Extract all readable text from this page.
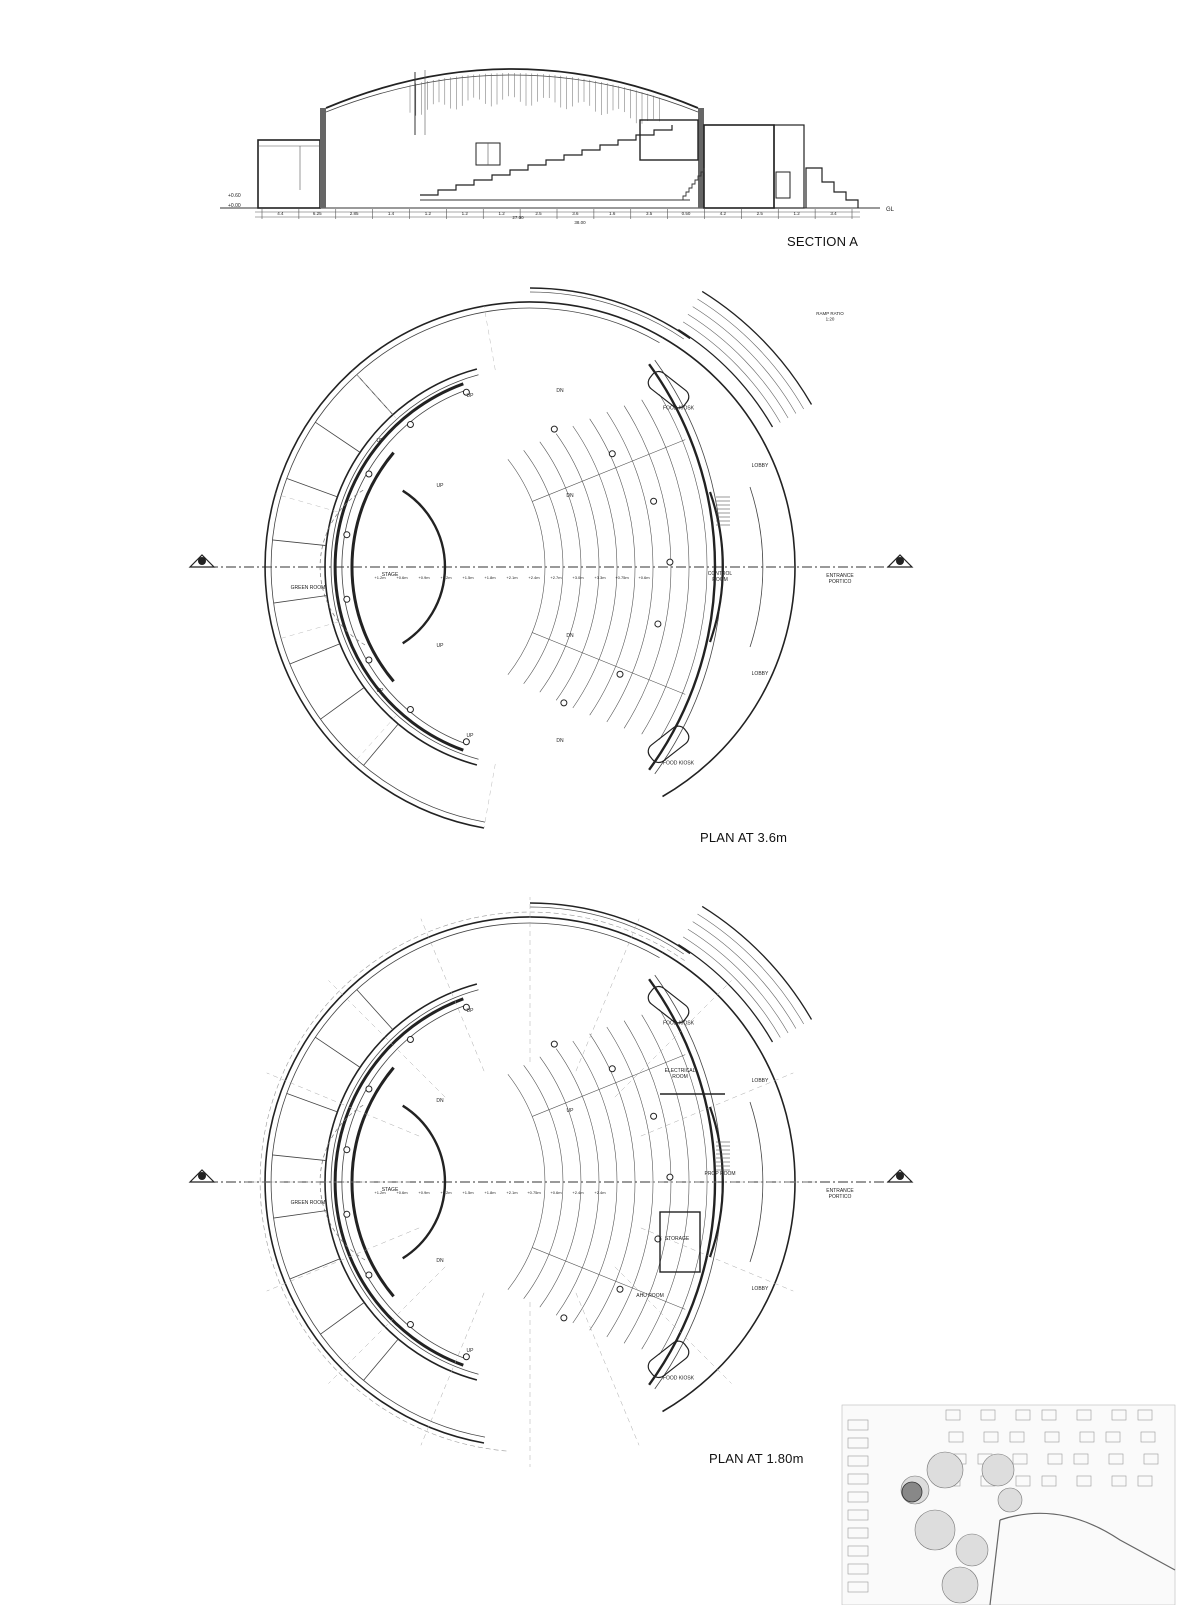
GL
+0.60
+0.00
4.4	6.25	2.85	1.4	1.2	1.2	1.2	2.5	3.6	1.6	3.5	0.50	4.2	2.5	1.2	3.4
38.00
27.00
FOOD KIOSK
FOOD KIOSK
STAGE
GREEN ROOM
LOBBY
LOBBY
ENTRANCE PORTICO
CONTROL ROOM
RAMP RATIO 1:20
UP
UP
UP
UP
DN
DN
DN
DN
UP
UP
+1.2m	+0.6m	+0.9m	+1.2m	+1.5m	+1.8m	+2.1m	+2.4m	+2.7m	+3.0m	+3.3m +0.75m +0.6m
FOOD KIOSK
FOOD KIOSK
STAGE
GREEN ROOM
LOBBY
LOBBY
ENTRANCE PORTICO
ELECTRICAL ROOM
PROP ROOM
STORAGE
AHU ROOM
UP
UP
DN
DN
UP
+1.2m	+0.6m	+0.9m	+1.2m	+1.5m	+1.8m	+2.1m +0.75m +0.6m	+2.4m	+2.4m
SECTION A
PLAN AT 3.6m
PLAN AT 1.80m
